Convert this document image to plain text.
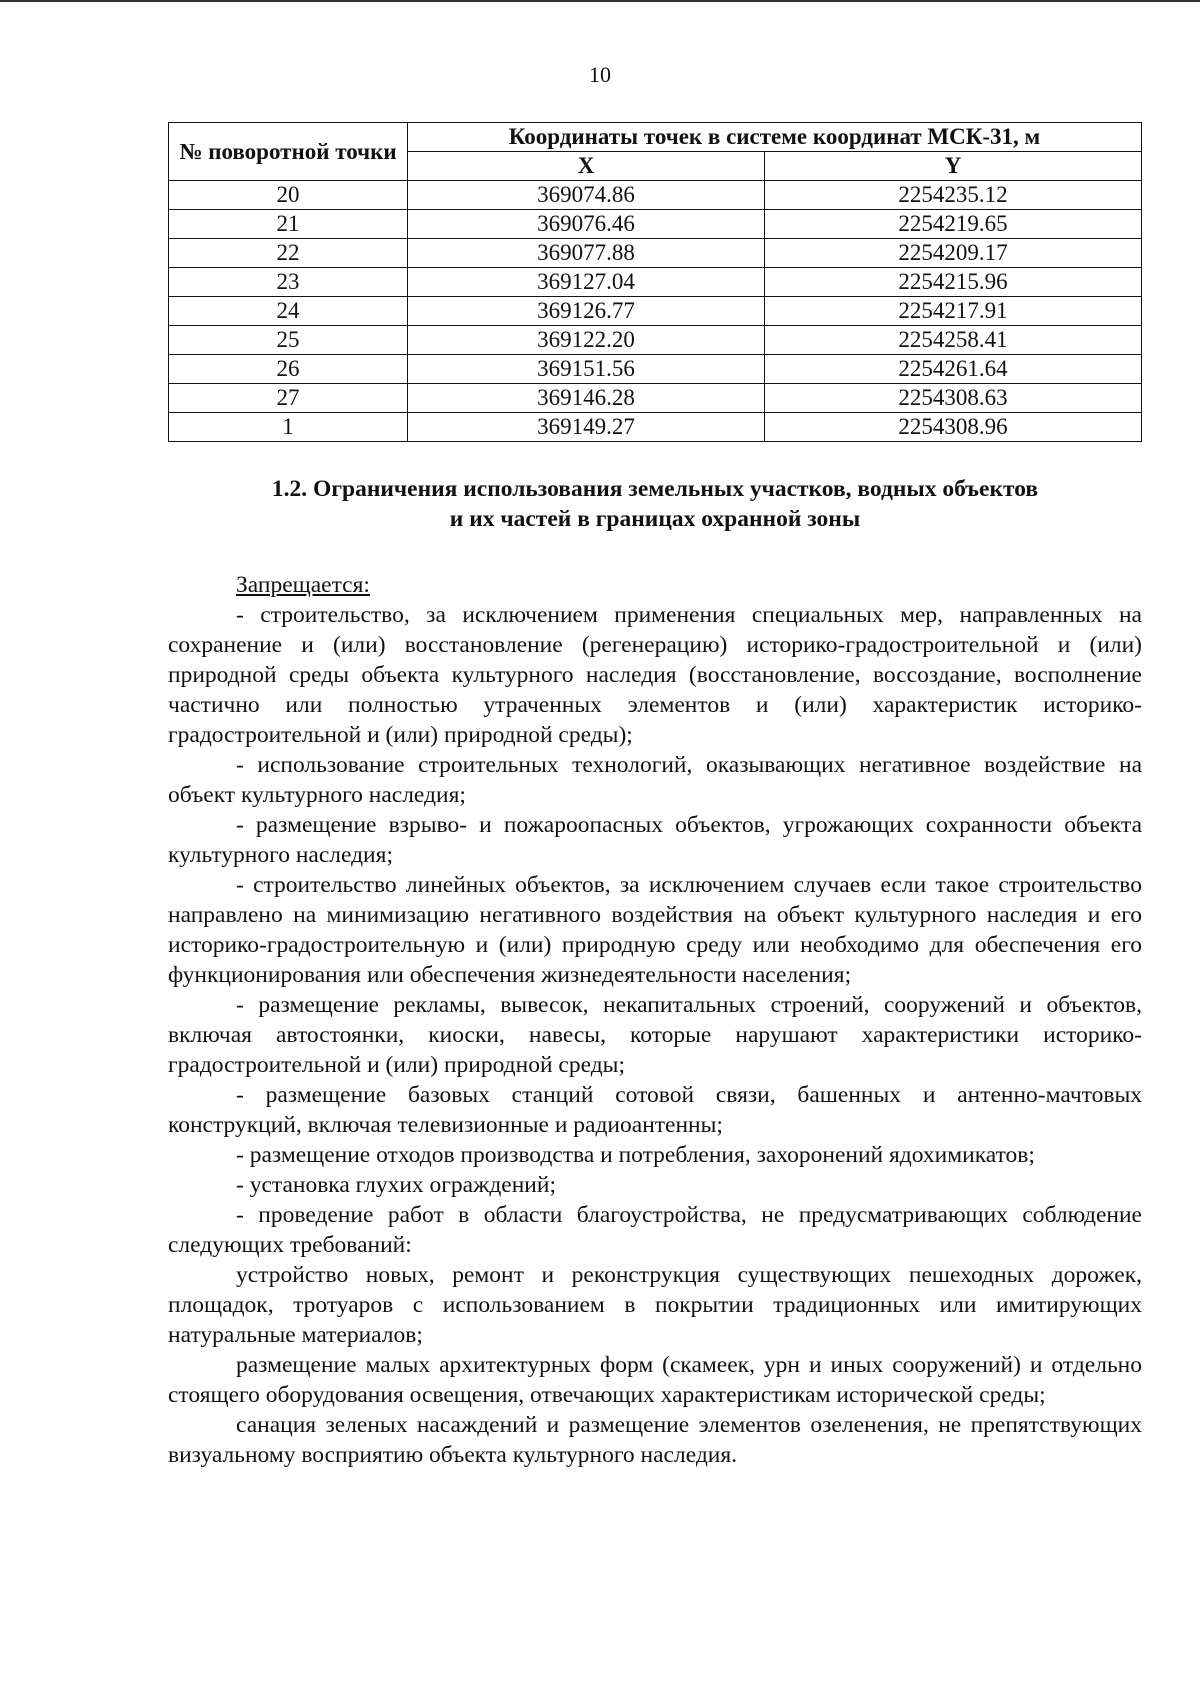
10
№ поворотной точки	Координаты точек в системе координат МСК-31, м	
	X	Y
20	369074.86	2254235.12
21	369076.46	2254219.65
22	369077.88	2254209.17
23	369127.04	2254215.96
24	369126.77	2254217.91
25	369122.20	2254258.41
26	369151.56	2254261.64
27	369146.28	2254308.63
1	369149.27	2254308.96
1.2. Ограничения использования земельных участков, водных объектов
и их частей в границах охранной зоны

Запрещается:

- строительство, за исключением применения специальных мер, направленных на сохранение и (или) восстановление (регенерацию) историко-градостроительной и (или) природной среды объекта культурного наследия (восстановление, воссоздание, восполнение частично или полностью утраченных элементов и (или) характеристик историко-градостроительной и (или) природной среды);

- использование строительных технологий, оказывающих негативное воздействие на объект культурного наследия;

- размещение взрыво- и пожароопасных объектов, угрожающих сохранности объекта культурного наследия;

- строительство линейных объектов, за исключением случаев если такое строительство направлено на минимизацию негативного воздействия на объект культурного наследия и его историко-градостроительную и (или) природную среду или необходимо для обеспечения его функционирования или обеспечения жизнедеятельности населения;

- размещение рекламы, вывесок, некапитальных строений, сооружений и объектов, включая автостоянки, киоски, навесы, которые нарушают характеристики историко-градостроительной и (или) природной среды;

- размещение базовых станций сотовой связи, башенных и антенно-мачтовых конструкций, включая телевизионные и радиоантенны;

- размещение отходов производства и потребления, захоронений ядохимикатов;

- установка глухих ограждений;

- проведение работ в области благоустройства, не предусматривающих соблюдение следующих требований:

устройство новых, ремонт и реконструкция существующих пешеходных дорожек, площадок, тротуаров с использованием в покрытии традиционных или имитирующих натуральные материалов;

размещение малых архитектурных форм (скамеек, урн и иных сооружений) и отдельно стоящего оборудования освещения, отвечающих характеристикам исторической среды;

санация зеленых насаждений и размещение элементов озеленения, не препятствующих визуальному восприятию объекта культурного наследия.
